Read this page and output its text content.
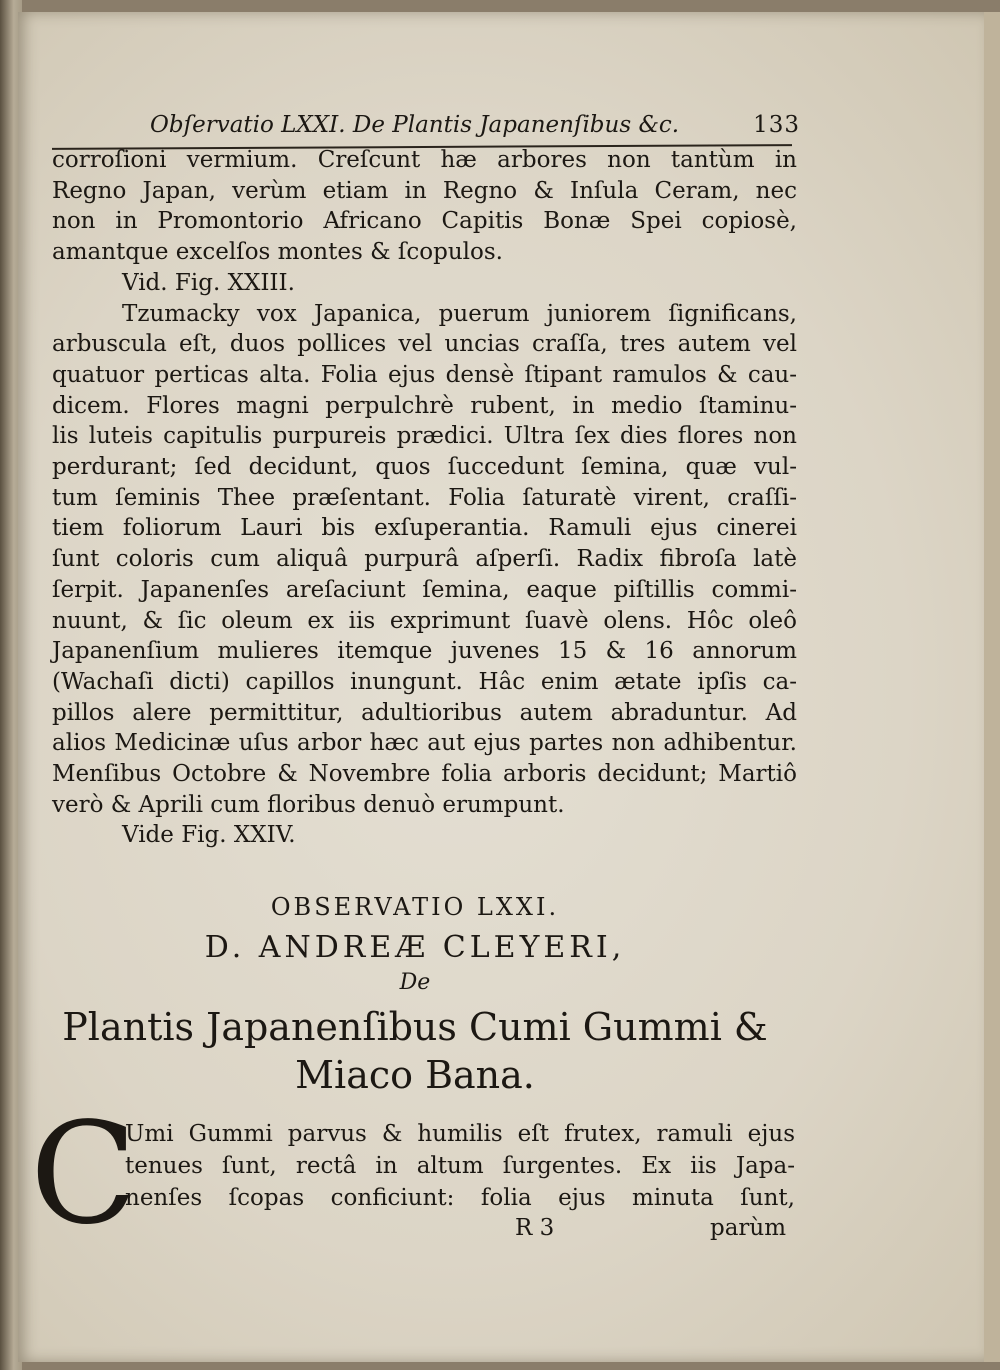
Obſervatio LXXI. De Plantis Japanenſibus &c.	133
corroſioni vermium. Creſcunt hæ arbores non tantùm in
Regno Japan, verùm etiam in Regno & Inſula Ceram, nec
non in Promontorio Africano Capitis Bonæ Spei copiosè,
amantque excelſos montes & ſcopulos.
Vid. Fig. XXIII.
Tzumacky vox Japanica, puerum juniorem ſignificans,
arbuscula eſt, duos pollices vel uncias craſſa, tres autem vel
quatuor perticas alta. Folia ejus densè ſtipant ramulos & cau-
dicem. Flores magni perpulchrè rubent, in medio ſtaminu-
lis luteis capitulis purpureis prædici. Ultra ſex dies flores non
perdurant; ſed decidunt, quos ſuccedunt ſemina, quæ vul-
tum ſeminis Thee præſentant. Folia ſaturatè virent, craſſi-
tiem foliorum Lauri bis exſuperantia. Ramuli ejus cinerei
ſunt coloris cum aliquâ purpurâ aſperſi. Radix fibroſa latè
ſerpit. Japanenſes areſaciunt ſemina, eaque piſtillis commi-
nuunt, & ſic oleum ex iis exprimunt ſuavè olens. Hôc oleô
Japanenſium mulieres itemque juvenes 15 & 16 annorum
(Wachaſi dicti) capillos inungunt. Hâc enim ætate ipſis ca-
pillos alere permittitur, adultioribus autem abraduntur. Ad
alios Medicinæ uſus arbor hæc aut ejus partes non adhibentur.
Menſibus Octobre & Novembre folia arboris decidunt; Martiô
verò & Aprili cum floribus denuò erumpunt.
Vide Fig. XXIV.
OBSERVATIO LXXI.
D. ANDREÆ CLEYERI,
De
Plantis Japanenſibus Cumi Gummi &
Miaco Bana.
C
Umi Gummi parvus & humilis eſt frutex, ramuli ejus
tenues ſunt, rectâ in altum ſurgentes. Ex iis Japa-
nenſes ſcopas conficiunt: folia ejus minuta ſunt,
R 3	parùm
